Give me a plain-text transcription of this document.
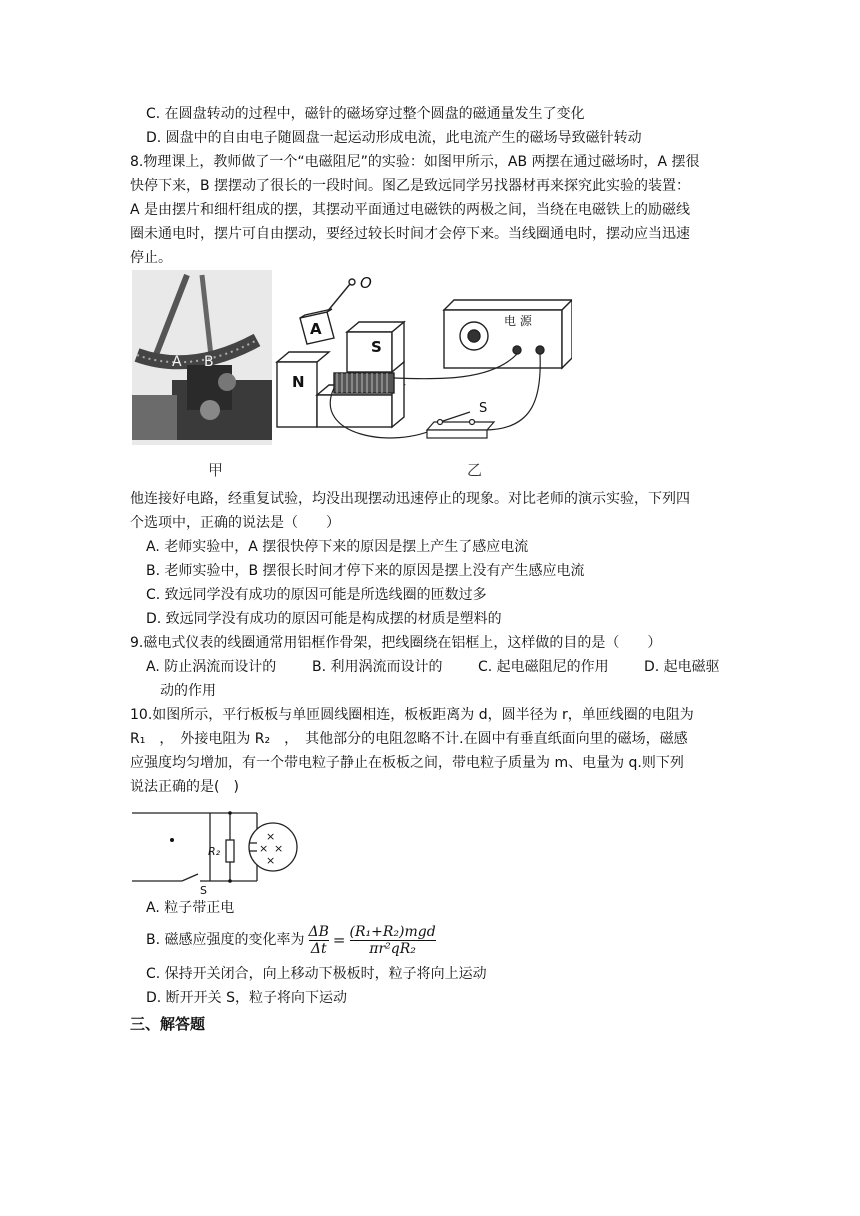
C. 在圆盘转动的过程中，磁针的磁场穿过整个圆盘的磁通量发生了变化
D. 圆盘中的自由电子随圆盘一起运动形成电流，此电流产生的磁场导致磁针转动
8.物理课上，教师做了一个“电磁阻尼”的实验：如图甲所示，AB 两摆在通过磁场时，A 摆很
快停下来，B 摆摆动了很长的一段时间。图乙是致远同学另找器材再来探究此实验的装置：
A 是由摆片和细杆组成的摆，其摆动平面通过电磁铁的两极之间，当绕在电磁铁上的励磁线
圈未通电时，摆片可自由摆动，要经过较长时间才会停下来。当线圈通电时，摆动应当迅速
停止。
A B
甲
O
A
S
N
电 源
S
乙
他连接好电路，经重复试验，均没出现摆动迅速停止的现象。对比老师的演示实验，下列四
个选项中，正确的说法是（　　）
A. 老师实验中，A 摆很快停下来的原因是摆上产生了感应电流
B. 老师实验中，B 摆很长时间才停下来的原因是摆上没有产生感应电流
C. 致远同学没有成功的原因可能是所选线圈的匝数过多
D. 致远同学没有成功的原因可能是构成摆的材质是塑料的
9.磁电式仪表的线圈通常用铝框作骨架，把线圈绕在铝框上，这样做的目的是（　　）
A. 防止涡流而设计的	B. 利用涡流而设计的	C. 起电磁阻尼的作用	D. 起电磁驱
动的作用
10.如图所示，平行板板与单匝圆线圈相连，板板距离为 d，圆半径为 r，单匝线圈的电阻为
R₁　，　外接电阻为 R₂　，　其他部分的电阻忽略不计.在圆中有垂直纸面向里的磁场，磁感
应强度均匀增加，有一个带电粒子静止在板板之间，带电粒子质量为 m、电量为 q.则下列
说法正确的是(　)
×
× ×
×
R₂
S
A. 粒子带正电
B. 磁感应强度的变化率为 $\frac{\Delta B}{\Delta t} = \frac{\text{(R₁+R₂)mgd}}{\text{πr²qR₂}}$
C. 保持开关闭合，向上移动下极板时，粒子将向上运动
D. 断开开关 S，粒子将向下运动
三、解答题
